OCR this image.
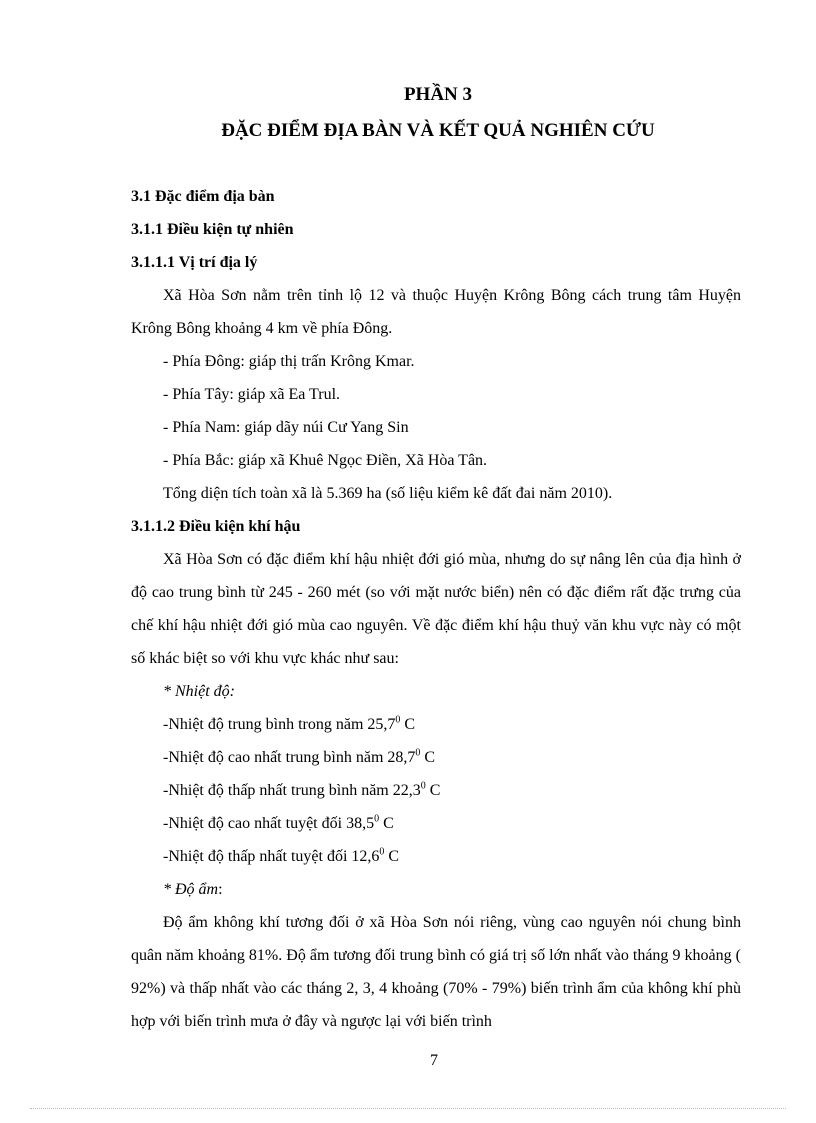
PHẦN 3
ĐẶC ĐIỂM ĐỊA BÀN VÀ KẾT QUẢ NGHIÊN CỨU

3.1 Đặc điểm địa bàn

3.1.1 Điều kiện tự nhiên

3.1.1.1 Vị trí địa lý

Xã Hòa Sơn nằm trên tỉnh lộ 12 và thuộc Huyện Krông Bông cách trung tâm Huyện Krông Bông khoảng 4 km về phía Đông.

- Phía Đông: giáp thị trấn Krông Kmar.

- Phía Tây: giáp xã Ea Trul.

- Phía Nam: giáp dãy núi Cư Yang Sin

- Phía Bắc: giáp xã Khuê Ngọc Điền, Xã Hòa Tân.

Tổng diện tích toàn xã là 5.369 ha (số liệu kiểm kê đất đai năm 2010).

3.1.1.2 Điều kiện khí hậu

Xã Hòa Sơn có đặc điểm khí hậu nhiệt đới gió mùa, nhưng do sự nâng lên của địa hình ở độ cao trung bình từ 245 - 260 mét (so với mặt nước biển) nên có đặc điểm rất đặc trưng của chế khí hậu nhiệt đới gió mùa cao nguyên. Về đặc điểm khí hậu thuỷ văn khu vực này có một số khác biệt so với khu vực khác như sau:

* Nhiệt độ:

-Nhiệt độ trung bình trong năm 25,7$^0$ C

-Nhiệt độ cao nhất trung bình năm 28,7$^0$ C

-Nhiệt độ thấp nhất trung bình năm 22,3$^0$ C

-Nhiệt độ cao nhất tuyệt đối 38,5$^0$ C

-Nhiệt độ thấp nhất tuyệt đối 12,6$^0$ C

* Độ ẩm:

Độ ẩm không khí tương đối ở xã Hòa Sơn nói riêng, vùng cao nguyên nói chung bình quân năm khoảng 81%. Độ ẩm tương đối trung bình có giá trị số lớn nhất vào tháng 9 khoảng ( 92%) và thấp nhất vào các tháng 2, 3, 4 khoảng (70% - 79%) biến trình ẩm của không khí phù hợp với biến trình mưa ở đây và ngược lại với biến trình

7
